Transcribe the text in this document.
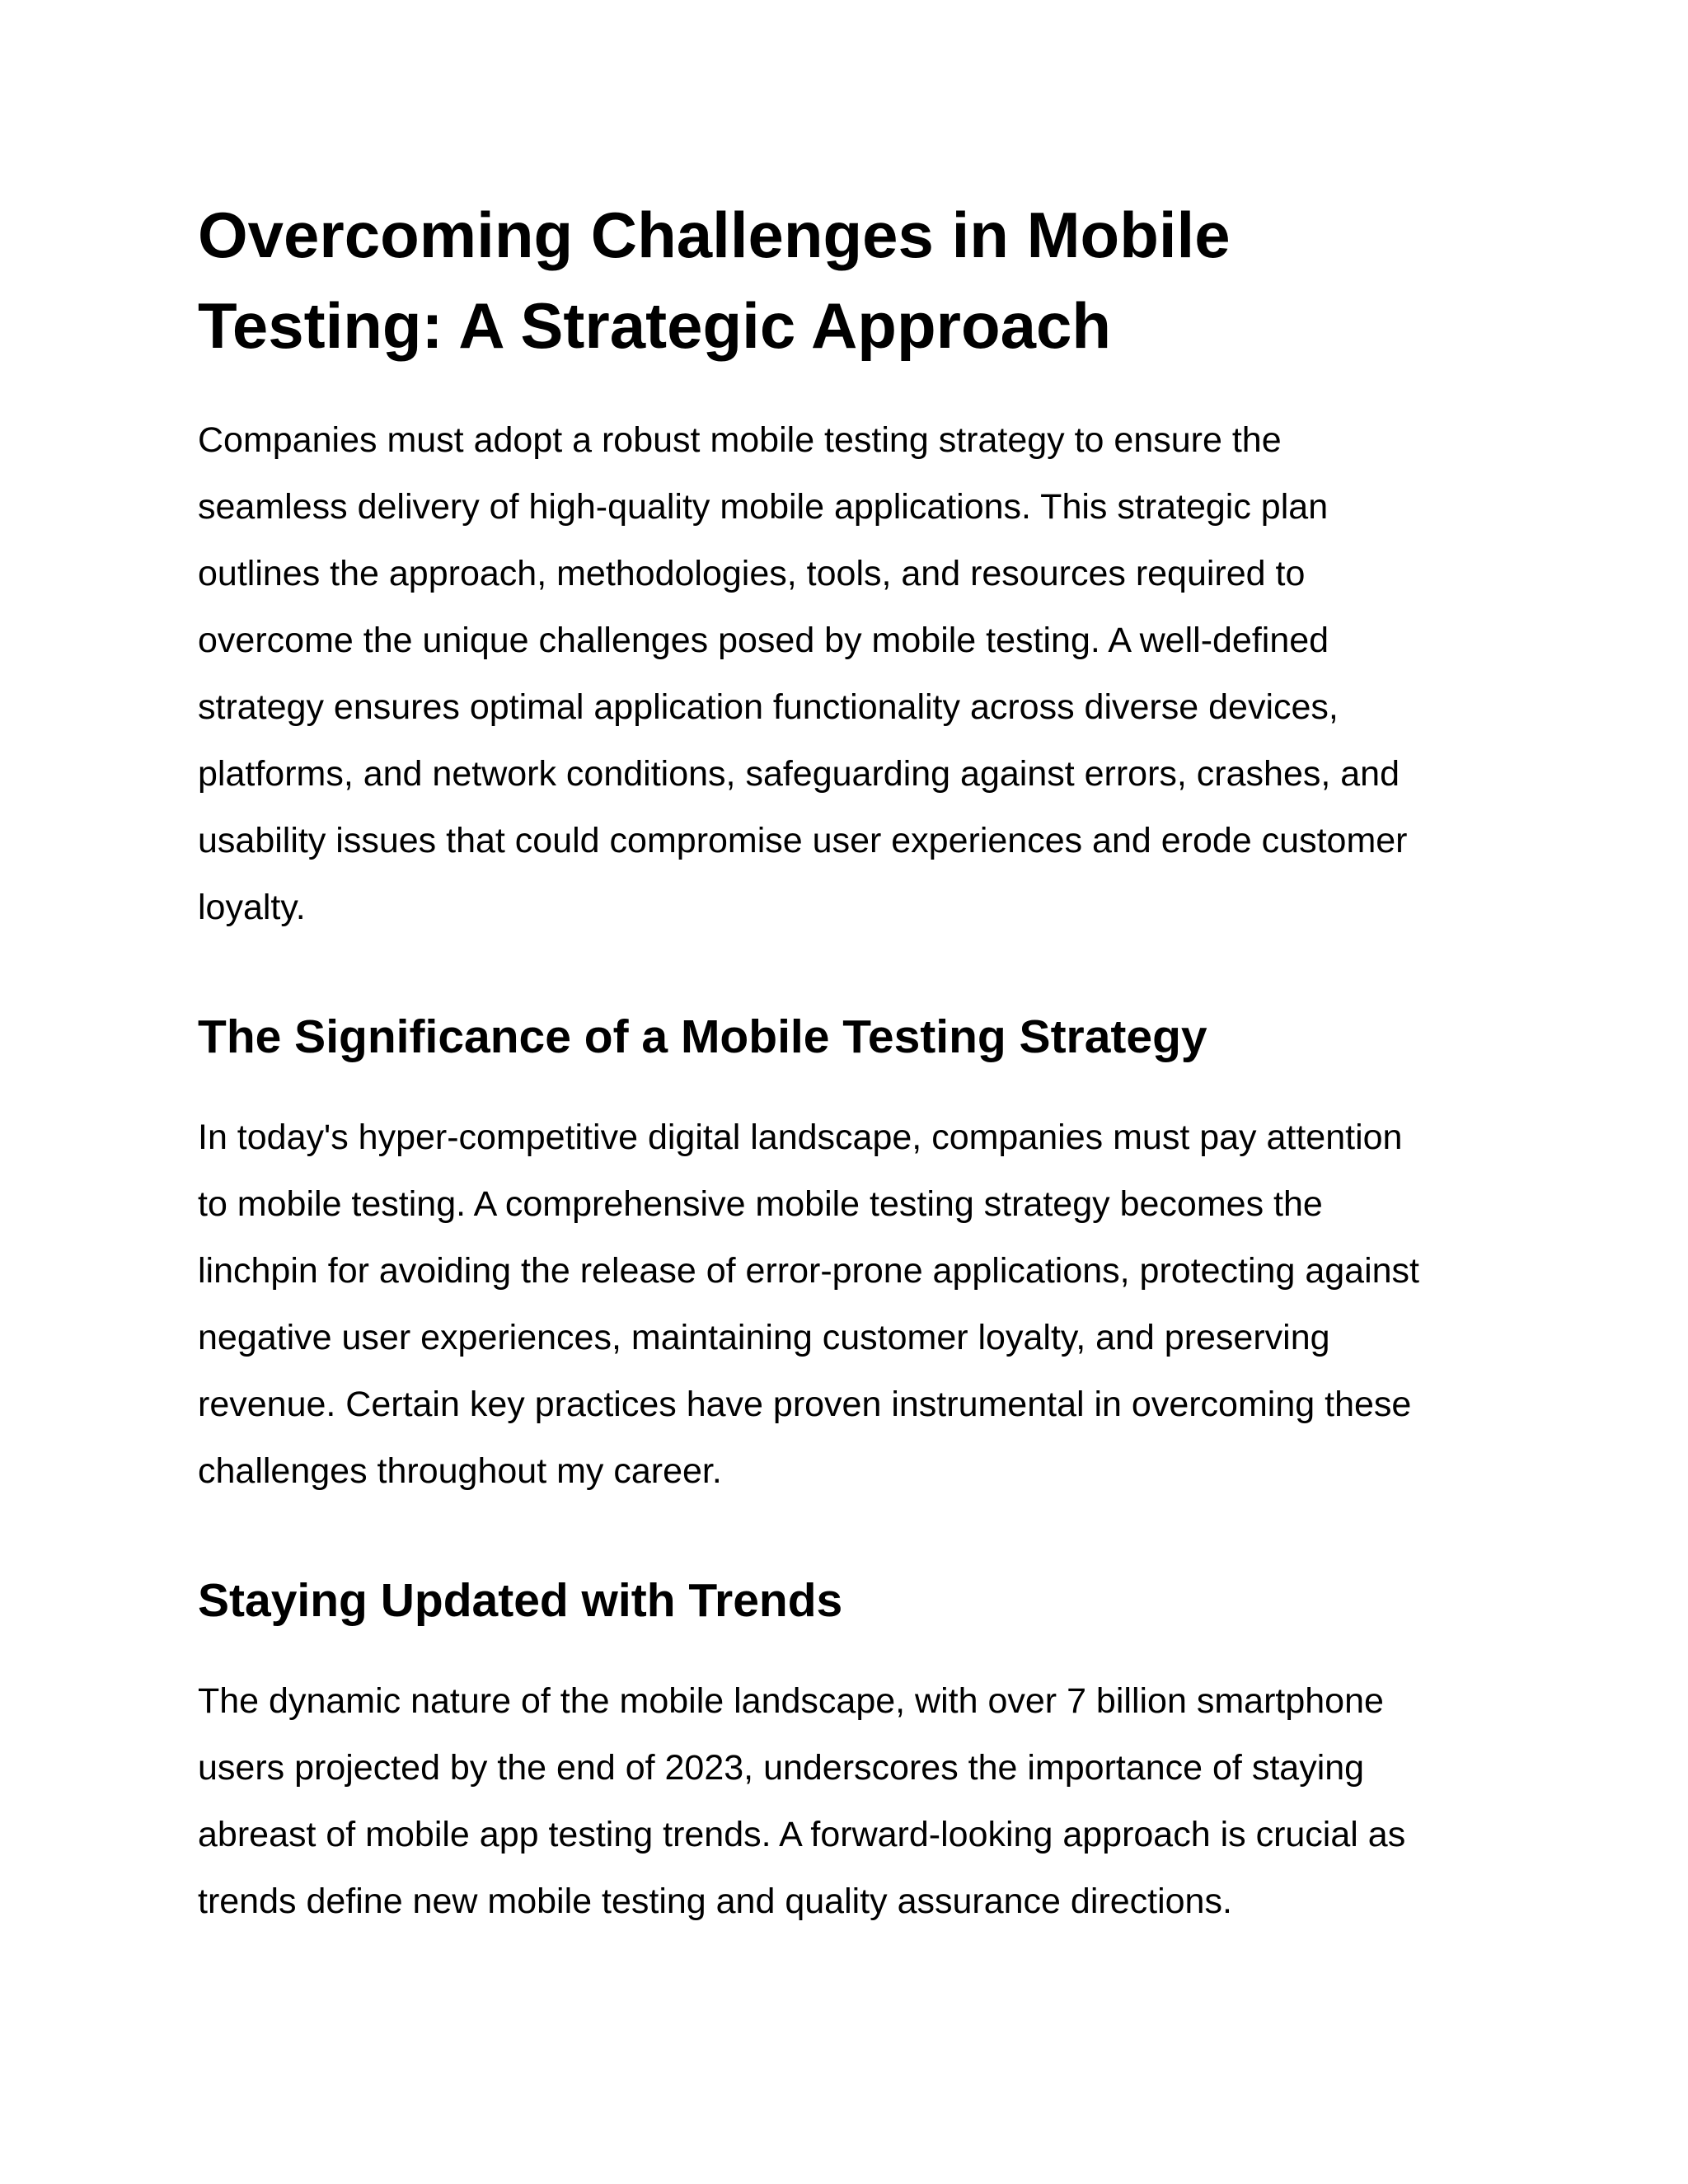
Overcoming Challenges in Mobile
Testing: A Strategic Approach

Companies must adopt a robust mobile testing strategy to ensure the
seamless delivery of high-quality mobile applications. This strategic plan
outlines the approach, methodologies, tools, and resources required to
overcome the unique challenges posed by mobile testing. A well-defined
strategy ensures optimal application functionality across diverse devices,
platforms, and network conditions, safeguarding against errors, crashes, and
usability issues that could compromise user experiences and erode customer
loyalty.

The Significance of a Mobile Testing Strategy

In today's hyper-competitive digital landscape, companies must pay attention
to mobile testing. A comprehensive mobile testing strategy becomes the
linchpin for avoiding the release of error-prone applications, protecting against
negative user experiences, maintaining customer loyalty, and preserving
revenue. Certain key practices have proven instrumental in overcoming these
challenges throughout my career.

Staying Updated with Trends

The dynamic nature of the mobile landscape, with over 7 billion smartphone
users projected by the end of 2023, underscores the importance of staying
abreast of mobile app testing trends. A forward-looking approach is crucial as
trends define new mobile testing and quality assurance directions.
